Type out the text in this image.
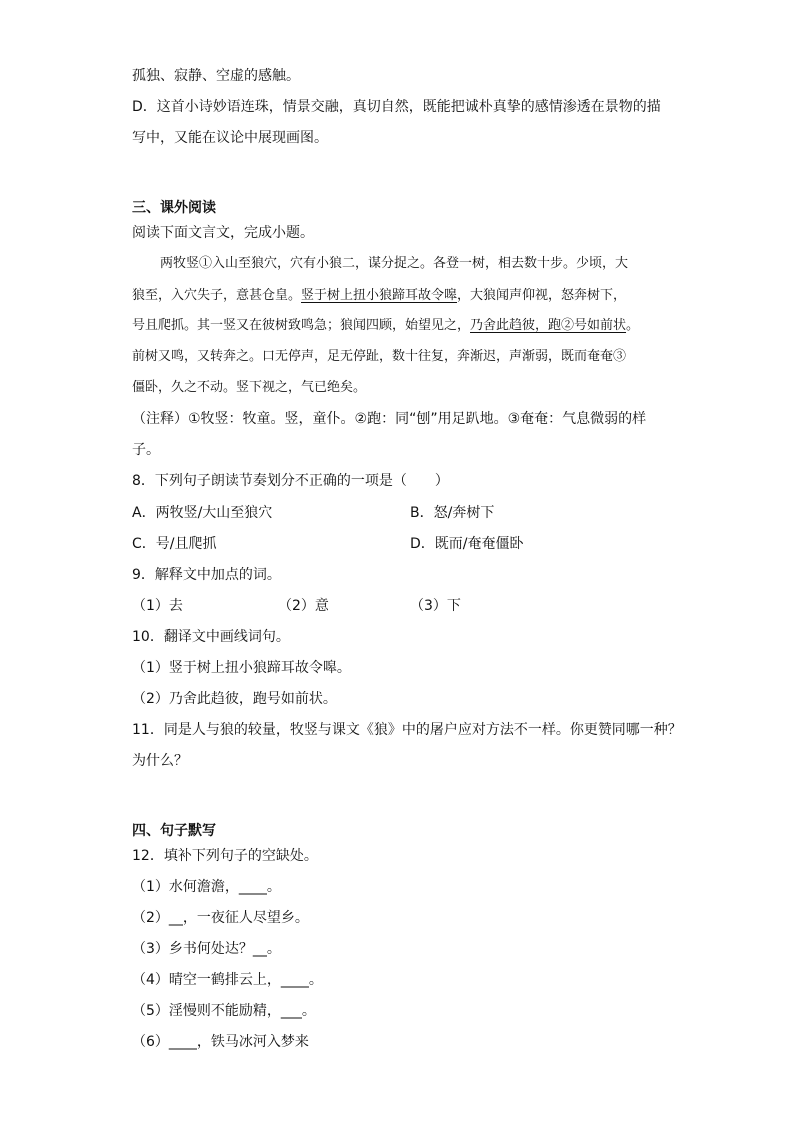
孤独、寂静、空虚的感触。
D．这首小诗妙语连珠，情景交融，真切自然，既能把诚朴真挚的感情渗透在景物的描
写中，又能在议论中展现画图。
三、课外阅读
阅读下面文言文，完成小题。
两牧竖①入山至狼穴，穴有小狼二，谋分捉之。各登一树，相去数十步。少顷，大
狼至，入穴失子，意甚仓皇。竖于树上扭小狼蹄耳故令嗥，大狼闻声仰视，怒奔树下，
号且爬抓。其一竖又在彼树致鸣急；狼闻四顾，始望见之，乃舍此趋彼，跑②号如前状。
前树又鸣，又转奔之。口无停声，足无停趾，数十往复，奔渐迟，声渐弱，既而奄奄③
僵卧，久之不动。竖下视之，气已绝矣。
（注释）①牧竖：牧童。竖，童仆。②跑：同“刨”用足趴地。③奄奄：气息微弱的样
子。
8．下列句子朗读节奏划分不正确的一项是（　　）
A．两牧竖/大山至狼穴	B．怒/奔树下
C．号/且爬抓	D．既而/奄奄僵卧
9．解释文中加点的词。
（1）去	（2）意	（3）下
10．翻译文中画线词句。
（1）竖于树上扭小狼蹄耳故令嗥。
（2）乃舍此趋彼，跑号如前状。
11．同是人与狼的较量，牧竖与课文《狼》中的屠户应对方法不一样。你更赞同哪一种？
为什么？
四、句子默写
12．填补下列句子的空缺处。
（1）水何澹澹，____。
（2）__，一夜征人尽望乡。
（3）乡书何处达？__。
（4）晴空一鹤排云上，____。
（5）淫慢则不能励精，___。
（6）____，铁马冰河入梦来
